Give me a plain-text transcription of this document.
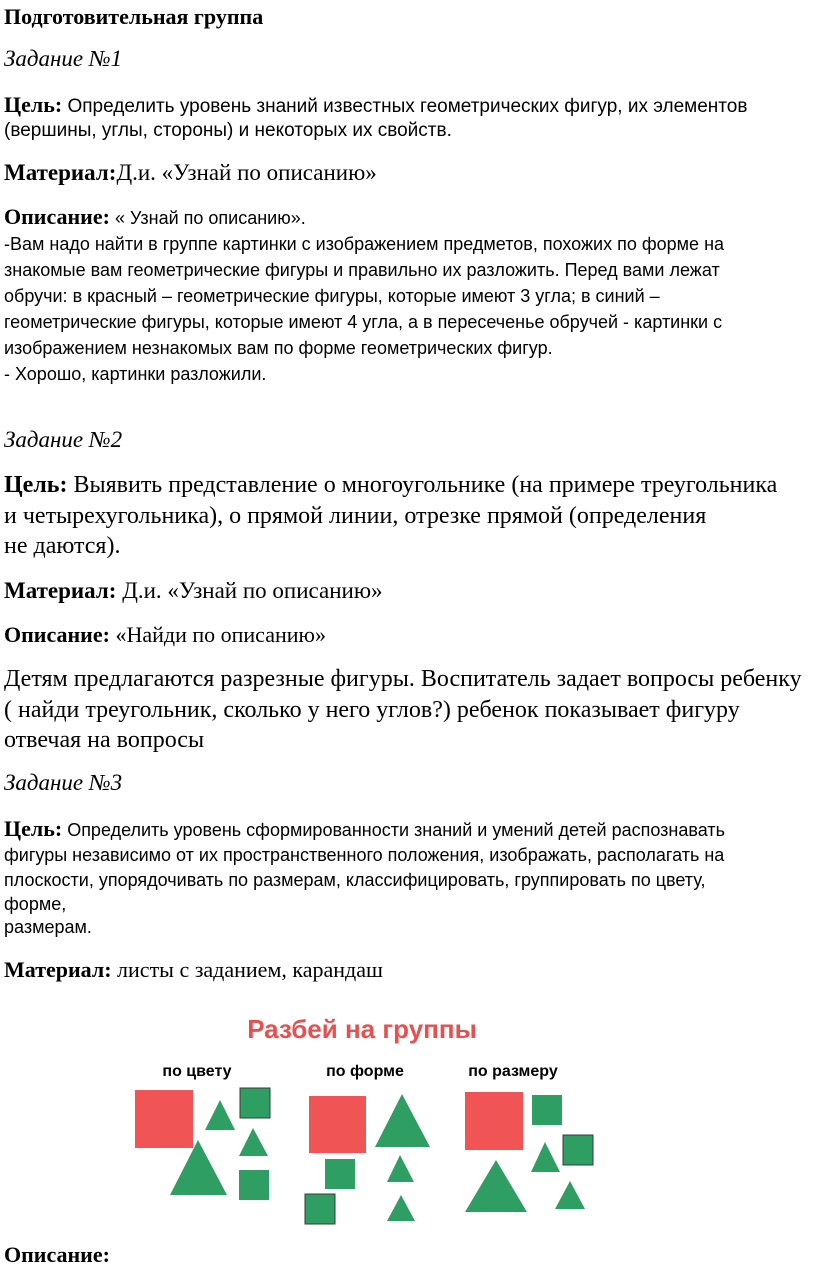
Подготовительная группа
Задание №1
Цель: Определить уровень знаний известных геометрических фигур, их элементов
(вершины, углы, стороны) и некоторых их свойств.
Материал:Д.и. «Узнай по описанию»
Описание: « Узнай по описанию».
-Вам надо найти в группе картинки с изображением предметов, похожих по форме на
знакомые вам геометрические фигуры и правильно их разложить. Перед вами лежат
обручи: в красный – геометрические фигуры, которые имеют 3 угла; в синий –
геометрические фигуры, которые имеют 4 угла, а в пересеченье обручей - картинки с
изображением незнакомых вам по форме геометрических фигур.
- Хорошо, картинки разложили.
Задание №2
Цель: Выявить представление о многоугольнике (на примере треугольника
и четырехугольника), о прямой линии, отрезке прямой (определения
не даются).
Материал: Д.и. «Узнай по описанию»
Описание: «Найди по описанию»
Детям предлагаются разрезные фигуры. Воспитатель задает вопросы ребенку
( найди треугольник, сколько у него углов?) ребенок показывает фигуру
отвечая на вопросы
Задание №3
Цель: Определить уровень сформированности знаний и умений детей распознавать
фигуры независимо от их пространственного положения, изображать, располагать на
плоскости, упорядочивать по размерам, классифицировать, группировать по цвету,
форме,
размерам.
Материал: листы с заданием, карандаш
Разбей на группы
по цвету	по форме	по размеру
Описание:
